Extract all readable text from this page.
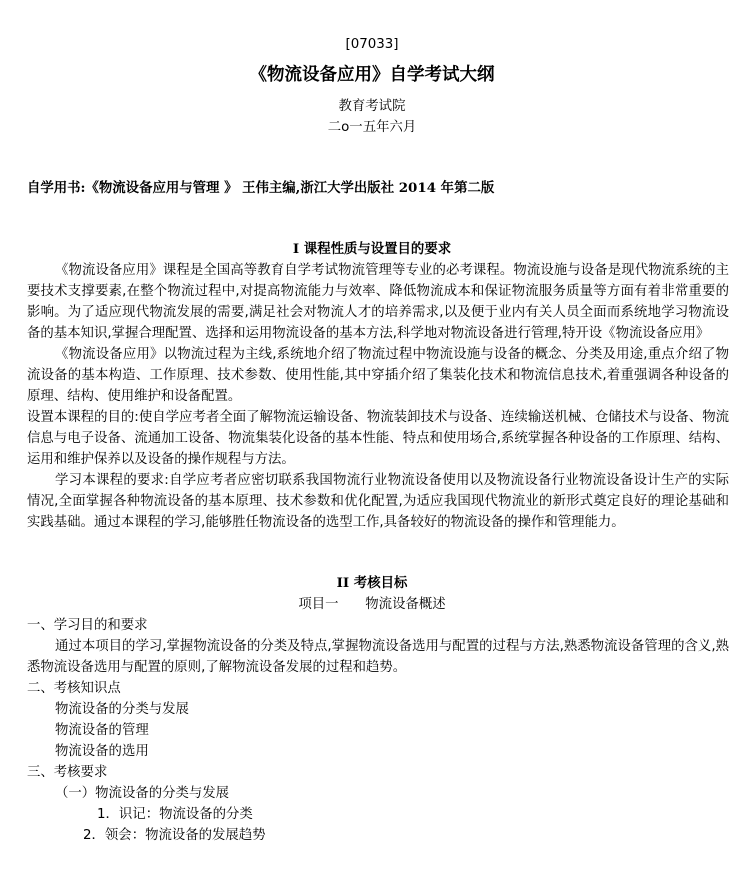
[07033]
《物流设备应用》自学考试大纲
教育考试院
二o一五年六月
自学用书:《物流设备应用与管理 》 王伟主编,浙江大学出版社 2014 年第二版
I 课程性质与设置目的要求

《物流设备应用》课程是全国高等教育自学考试物流管理等专业的必考课程。物流设施与设备是现代物流系统的主要技术支撑要素,在整个物流过程中,对提高物流能力与效率、降低物流成本和保证物流服务质量等方面有着非常重要的影响。为了适应现代物流发展的需要,满足社会对物流人才的培养需求,以及便于业内有关人员全面而系统地学习物流设备的基本知识,掌握合理配置、选择和运用物流设备的基本方法,科学地对物流设备进行管理,特开设《物流设备应用》

《物流设备应用》以物流过程为主线,系统地介绍了物流过程中物流设施与设备的概念、分类及用途,重点介绍了物流设备的基本构造、工作原理、技术参数、使用性能,其中穿插介绍了集装化技术和物流信息技术,着重强调各种设备的原理、结构、使用维护和设备配置。

设置本课程的目的:使自学应考者全面了解物流运输设备、物流装卸技术与设备、连续输送机械、仓储技术与设备、物流信息与电子设备、流通加工设备、物流集装化设备的基本性能、特点和使用场合,系统掌握各种设备的工作原理、结构、运用和维护保养以及设备的操作规程与方法。

学习本课程的要求:自学应考者应密切联系我国物流行业物流设备使用以及物流设备行业物流设备设计生产的实际情况,全面掌握各种物流设备的基本原理、技术参数和优化配置,为适应我国现代物流业的新形式奠定良好的理论基础和实践基础。通过本课程的学习,能够胜任物流设备的选型工作,具备较好的物流设备的操作和管理能力。

II 考核目标
项目一　　物流设备概述
一、学习目的和要求

通过本项目的学习,掌握物流设备的分类及特点,掌握物流设备选用与配置的过程与方法,熟悉物流设备管理的含义,熟悉物流设备选用与配置的原则,了解物流设备发展的过程和趋势。

二、考核知识点
物流设备的分类与发展
物流设备的管理
物流设备的选用
三、考核要求
（一）物流设备的分类与发展
1．识记：物流设备的分类
2．领会：物流设备的发展趋势
